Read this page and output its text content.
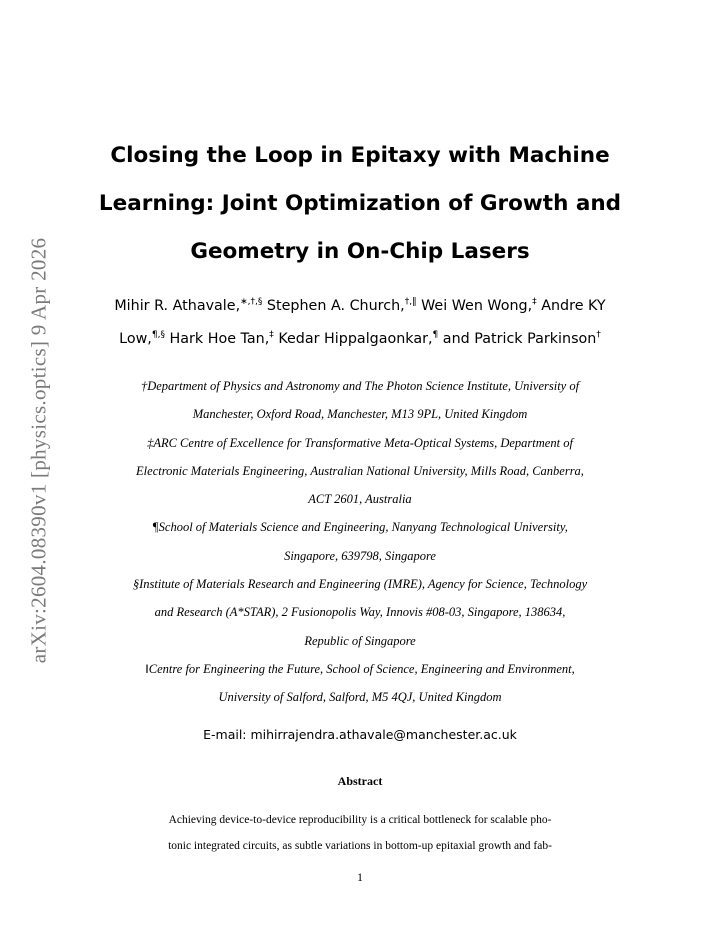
arXiv:2604.08390v1 [physics.optics] 9 Apr 2026
Closing the Loop in Epitaxy with Machine
Learning: Joint Optimization of Growth and
Geometry in On-Chip Lasers
Mihir R. Athavale,∗,†,§ Stephen A. Church,†,‖ Wei Wen Wong,‡ Andre KY
Low,¶,§ Hark Hoe Tan,‡ Kedar Hippalgaonkar,¶ and Patrick Parkinson†
†Department of Physics and Astronomy and The Photon Science Institute, University of
Manchester, Oxford Road, Manchester, M13 9PL, United Kingdom
‡ARC Centre of Excellence for Transformative Meta-Optical Systems, Department of
Electronic Materials Engineering, Australian National University, Mills Road, Canberra,
ACT 2601, Australia
¶School of Materials Science and Engineering, Nanyang Technological University,
Singapore, 639798, Singapore
§Institute of Materials Research and Engineering (IMRE), Agency for Science, Technology
and Research (A*STAR), 2 Fusionopolis Way, Innovis #08-03, Singapore, 138634,
Republic of Singapore
‖Centre for Engineering the Future, School of Science, Engineering and Environment,
University of Salford, Salford, M5 4QJ, United Kingdom
E-mail: mihirrajendra.athavale@manchester.ac.uk
Abstract
Achieving device-to-device reproducibility is a critical bottleneck for scalable pho-
tonic integrated circuits, as subtle variations in bottom-up epitaxial growth and fab-
1
